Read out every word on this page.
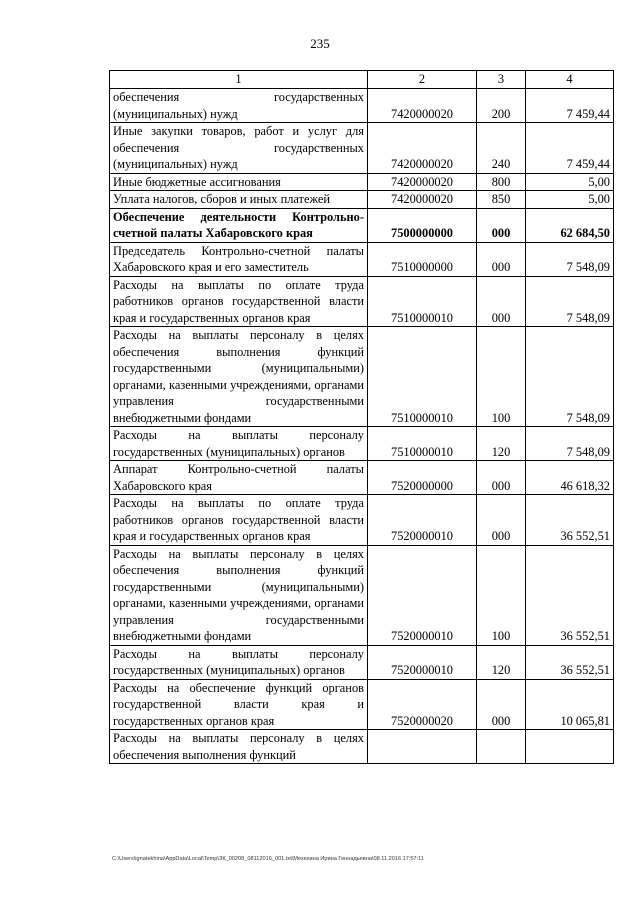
235
1	2	3	4
обеспечения государственных (муниципальных) нужд	7420000020	200	7 459,44
Иные закупки товаров, работ и услуг для обеспечения государственных (муниципальных) нужд	7420000020	240	7 459,44
Иные бюджетные ассигнования	7420000020	800	5,00
Уплата налогов, сборов и иных платежей	7420000020	850	5,00
Обеспечение деятельности Контрольно-счетной палаты Хабаровского края	7500000000	000	62 684,50
Председатель Контрольно-счетной палаты Хабаровского края и его заместитель	7510000000	000	7 548,09
Расходы на выплаты по оплате труда работников органов государственной власти края и государственных органов края	7510000010	000	7 548,09
Расходы на выплаты персоналу в целях обеспечения выполнения функций государственными (муниципальными) органами, казенными учреждениями, органами управления государственными внебюджетными фондами	7510000010	100	7 548,09
Расходы на выплаты персоналу государственных (муниципальных) органов	7510000010	120	7 548,09
Аппарат Контрольно-счетной палаты Хабаровского края	7520000000	000	46 618,32
Расходы на выплаты по оплате труда работников органов государственной власти края и государственных органов края	7520000010	000	36 552,51
Расходы на выплаты персоналу в целях обеспечения выполнения функций государственными (муниципальными) органами, казенными учреждениями, органами управления государственными внебюджетными фондами	7520000010	100	36 552,51
Расходы на выплаты персоналу государственных (муниципальных) органов	7520000010	120	36 552,51
Расходы на обеспечение функций органов государственной власти края и государственных органов края	7520000020	000	10 065,81
Расходы на выплаты персоналу в целях обеспечения выполнения функций			
C:\Users\ignatekhina\AppData\Local\Temp\ЗК_00208_08112016_001.txt\Мехехина Ирина Геннадьевна\08.11.2016 17:57:11
